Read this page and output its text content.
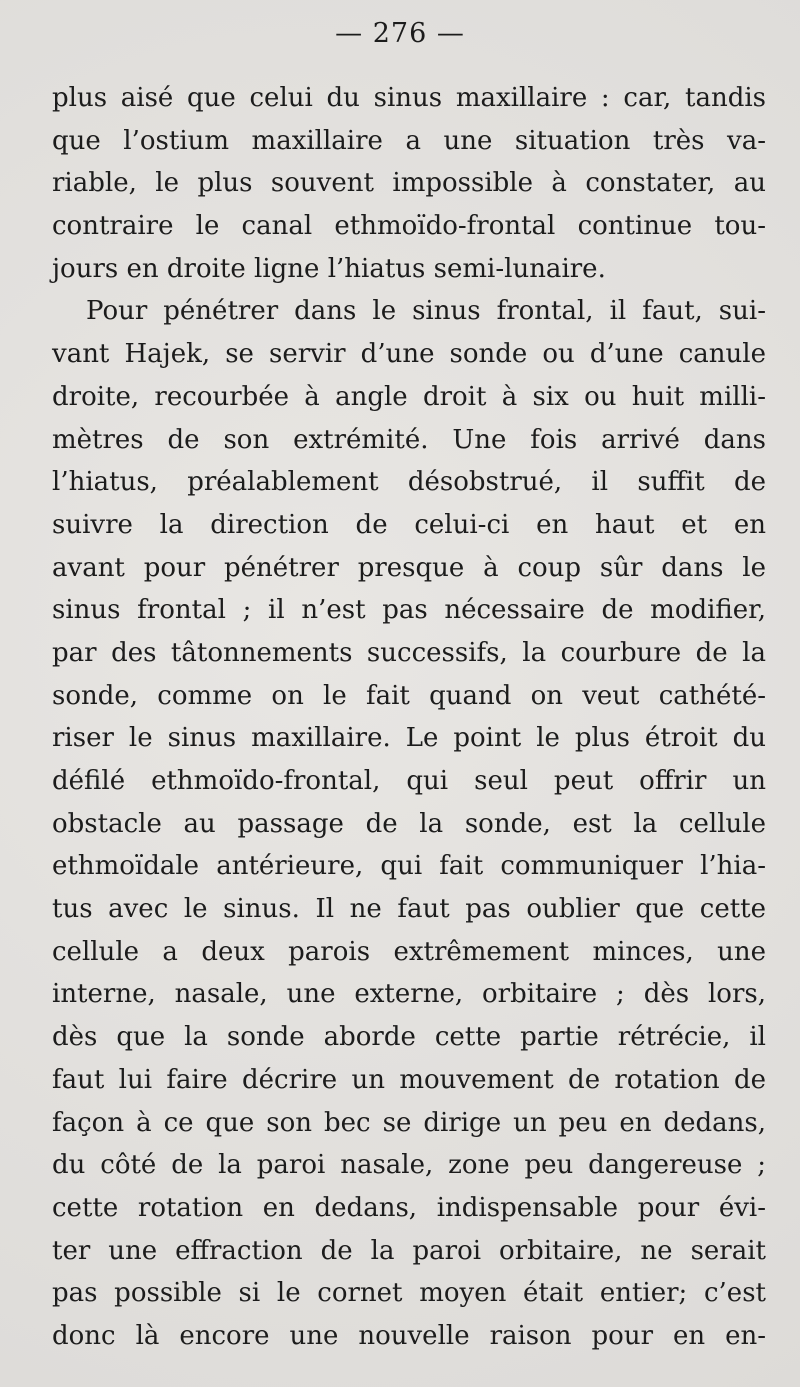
— 276 —

plus aisé que celui du sinus maxillaire : car, tandis
que l’ostium maxillaire a une situation très va-
riable, le plus souvent impossible à constater, au
contraire le canal ethmoïdo-frontal continue tou-
jours en droite ligne l’hiatus semi-lunaire.
Pour pénétrer dans le sinus frontal, il faut, sui-
vant Hajek, se servir d’une sonde ou d’une canule
droite, recourbée à angle droit à six ou huit milli-
mètres de son extrémité. Une fois arrivé dans
l’hiatus, préalablement désobstrué, il suffit de
suivre la direction de celui-ci en haut et en
avant pour pénétrer presque à coup sûr dans le
sinus frontal ; il n’est pas nécessaire de modifier,
par des tâtonnements successifs, la courbure de la
sonde, comme on le fait quand on veut cathété-
riser le sinus maxillaire. Le point le plus étroit du
défilé ethmoïdo-frontal, qui seul peut offrir un
obstacle au passage de la sonde, est la cellule
ethmoïdale antérieure, qui fait communiquer l’hia-
tus avec le sinus. Il ne faut pas oublier que cette
cellule a deux parois extrêmement minces, une
interne, nasale, une externe, orbitaire ; dès lors,
dès que la sonde aborde cette partie rétrécie, il
faut lui faire décrire un mouvement de rotation de
façon à ce que son bec se dirige un peu en dedans,
du côté de la paroi nasale, zone peu dangereuse ;
cette rotation en dedans, indispensable pour évi-
ter une effraction de la paroi orbitaire, ne serait
pas possible si le cornet moyen était entier; c’est
donc là encore une nouvelle raison pour en en-
